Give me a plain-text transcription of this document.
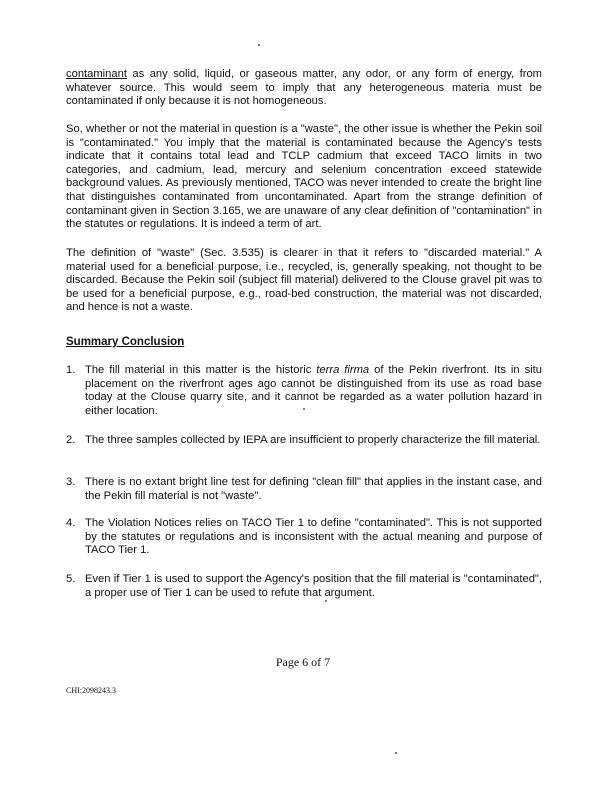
contaminant as any solid, liquid, or gaseous matter, any odor, or any form of energy, from whatever source. This would seem to imply that any heterogeneous materia must be contaminated if only because it is not homogeneous.

So, whether or not the material in question is a "waste", the other issue is whether the Pekin soil is "contaminated." You imply that the material is contaminated because the Agency's tests indicate that it contains total lead and TCLP cadmium that exceed TACO limits in two categories, and cadmium, lead, mercury and selenium concentration exceed statewide background values. As previously mentioned, TACO was never intended to create the bright line that distinguishes contaminated from uncontaminated. Apart from the strange definition of contaminant given in Section 3.165, we are unaware of any clear definition of "contamination" in the statutes or regulations. It is indeed a term of art.

The definition of "waste" (Sec. 3.535) is clearer in that it refers to "discarded material." A material used for a beneficial purpose, i.e., recycled, is, generally speaking, not thought to be discarded. Because the Pekin soil (subject fill material) delivered to the Clouse gravel pit was to be used for a beneficial purpose, e.g., road-bed construction, the material was not discarded, and hence is not a waste.

Summary Conclusion

1. The fill material in this matter is the historic terra firma of the Pekin riverfront. Its in situ placement on the riverfront ages ago cannot be distinguished from its use as road base today at the Clouse quarry site, and it cannot be regarded as a water pollution hazard in either location.
2. The three samples collected by IEPA are insufficient to properly characterize the fill material.
3. There is no extant bright line test for defining "clean fill" that applies in the instant case, and the Pekin fill material is not "waste".
4. The Violation Notices relies on TACO Tier 1 to define "contaminated". This is not supported by the statutes or regulations and is inconsistent with the actual meaning and purpose of TACO Tier 1.
5. Even if Tier 1 is used to support the Agency's position that the fill material is "contaminated", a proper use of Tier 1 can be used to refute that argument.
Page 6 of 7
CHI:2098243.3
